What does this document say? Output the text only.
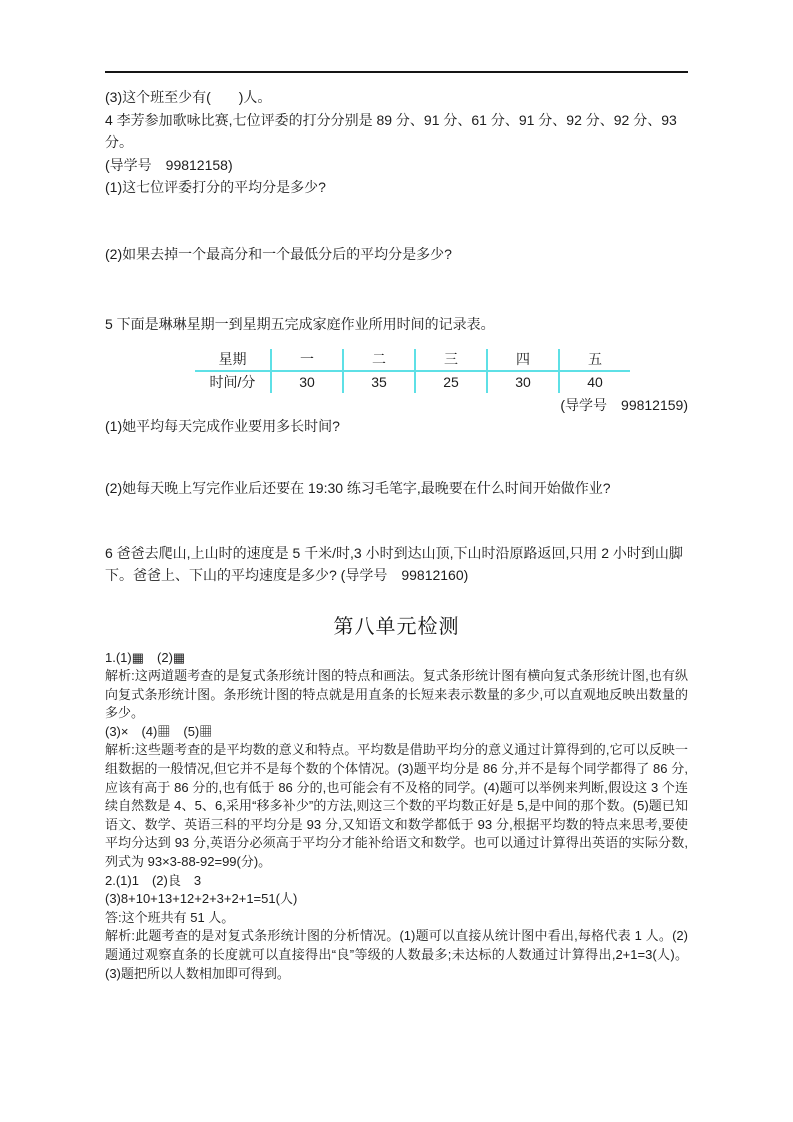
(3)这个班至少有(　　)人。

4 李芳参加歌咏比赛,七位评委的打分分别是 89 分、91 分、61 分、91 分、92 分、92 分、93 分。

(导学号　99812158)

(1)这七位评委打分的平均分是多少?

(2)如果去掉一个最高分和一个最低分后的平均分是多少?

5 下面是琳琳星期一到星期五完成家庭作业所用时间的记录表。

星期	一	二	三	四	五
时间/分	30	35	25	30	40

(导学号　99812159)

(1)她平均每天完成作业要用多长时间?

(2)她每天晚上写完作业后还要在 19:30 练习毛笔字,最晚要在什么时间开始做作业?

6 爸爸去爬山,上山时的速度是 5 千米/时,3 小时到达山顶,下山时沿原路返回,只用 2 小时到山脚下。爸爸上、下山的平均速度是多少? (导学号　99812160)

第八单元检测

1.(1)▦　(2)▦

解析:这两道题考查的是复式条形统计图的特点和画法。复式条形统计图有横向复式条形统计图,也有纵向复式条形统计图。条形统计图的特点就是用直条的长短来表示数量的多少,可以直观地反映出数量的多少。

(3)×　(4)▦　(5)▦

解析:这些题考查的是平均数的意义和特点。平均数是借助平均分的意义通过计算得到的,它可以反映一组数据的一般情况,但它并不是每个数的个体情况。(3)题平均分是 86 分,并不是每个同学都得了 86 分,应该有高于 86 分的,也有低于 86 分的,也可能会有不及格的同学。(4)题可以举例来判断,假设这 3 个连续自然数是 4、5、6,采用“移多补少”的方法,则这三个数的平均数正好是 5,是中间的那个数。(5)题已知语文、数学、英语三科的平均分是 93 分,又知语文和数学都低于 93 分,根据平均数的特点来思考,要使平均分达到 93 分,英语分必须高于平均分才能补给语文和数学。也可以通过计算得出英语的实际分数,列式为 93×3-88-92=99(分)。

2.(1)1　(2)良　3

(3)8+10+13+12+2+3+2+1=51(人)

答:这个班共有 51 人。

解析:此题考查的是对复式条形统计图的分析情况。(1)题可以直接从统计图中看出,每格代表 1 人。(2)题通过观察直条的长度就可以直接得出“良”等级的人数最多;未达标的人数通过计算得出,2+1=3(人)。(3)题把所以人数相加即可得到。
